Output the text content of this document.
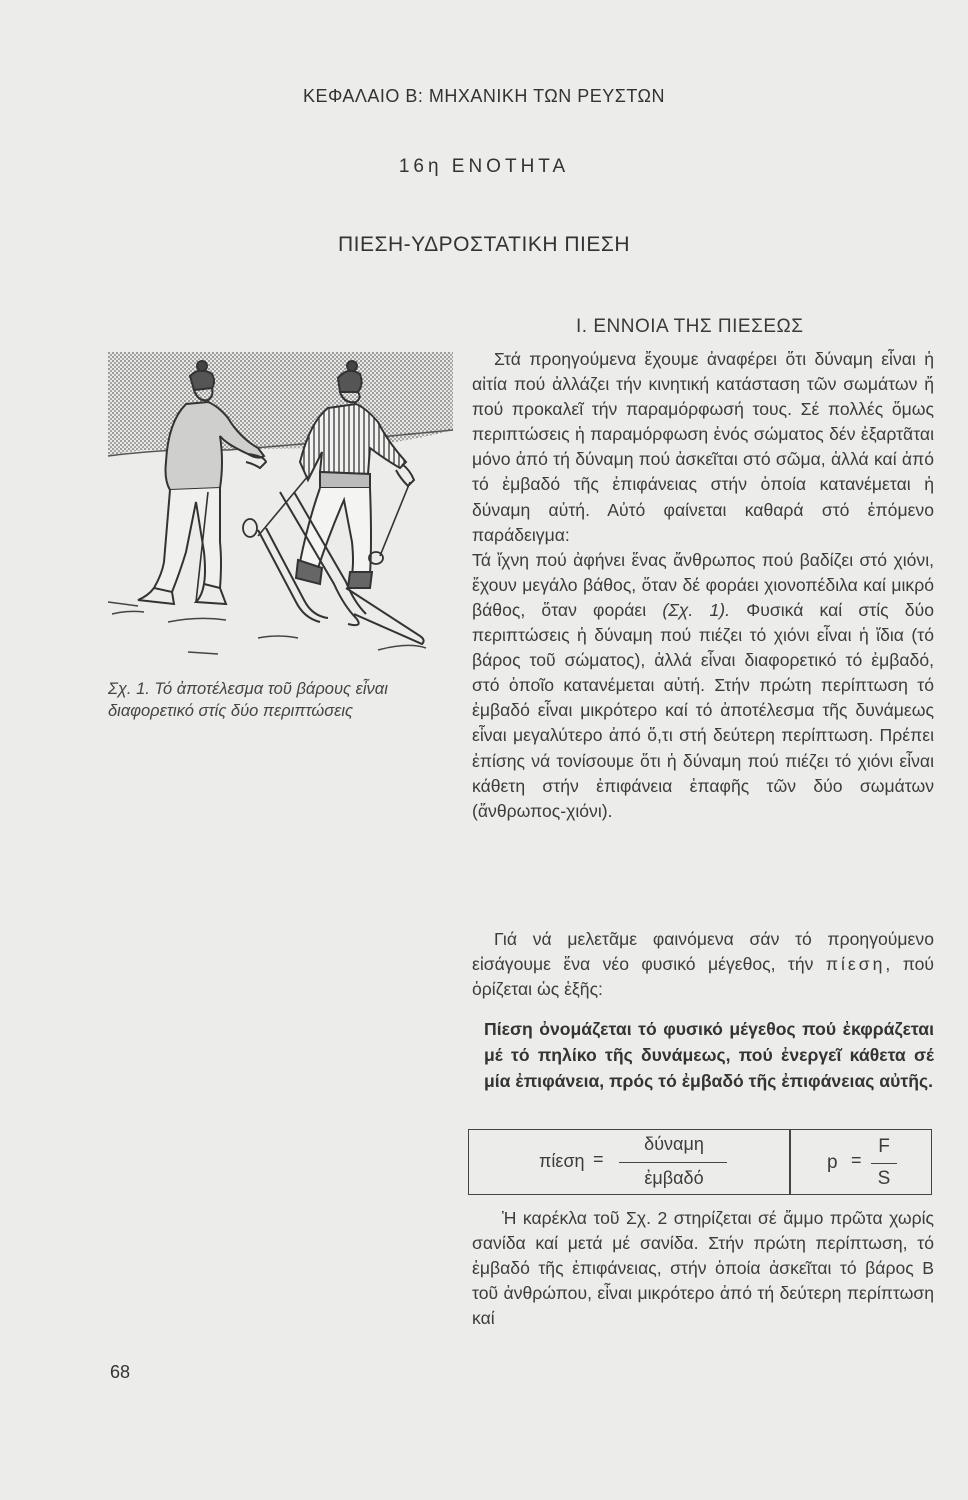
ΚΕΦΑΛΑΙΟ Β: ΜΗΧΑΝΙΚΗ ΤΩΝ ΡΕΥΣΤΩΝ
16η ΕΝΟΤΗΤΑ
ΠΙΕΣΗ-ΥΔΡΟΣΤΑΤΙΚΗ ΠΙΕΣΗ
Ι. ΕΝΝΟΙΑ ΤΗΣ ΠΙΕΣΕΩΣ
Σχ. 1. Τό ἀποτέλεσμα τοῦ βάρους εἶναι διαφορετικό στίς δύο περιπτώσεις
Στά προηγούμενα ἔχουμε ἀναφέρει ὅτι δύναμη εἶναι ἡ αἰτία πού ἀλλάζει τήν κινητική κατάσταση τῶν σωμάτων ἤ πού προκαλεῖ τήν παραμόρφωσή τους. Σέ πολλές ὅμως περιπτώσεις ἡ παραμόρφωση ἑνός σώματος δέν ἐξαρτᾶται μόνο ἀπό τή δύναμη πού ἀσκεῖται στό σῶμα, ἀλλά καί ἀπό τό ἐμβαδό τῆς ἐπιφάνειας στήν ὁποία κατανέμεται ἡ δύναμη αὐτή. Αὐτό φαίνεται καθαρά στό ἑπόμενο παράδειγμα:
Τά ἴχνη πού ἀφήνει ἕνας ἄνθρωπος πού βαδίζει στό χιόνι, ἔχουν μεγάλο βάθος, ὅταν δέ φοράει χιονοπέδιλα καί μικρό βάθος, ὅταν φοράει (Σχ. 1). Φυσικά καί στίς δύο περιπτώσεις ἡ δύναμη πού πιέζει τό χιόνι εἶναι ἡ ἴδια (τό βάρος τοῦ σώματος), ἀλλά εἶναι διαφορετικό τό ἐμβαδό, στό ὁποῖο κατανέμεται αὐτή. Στήν πρώτη περίπτωση τό ἐμβαδό εἶναι μικρότερο καί τό ἀποτέλεσμα τῆς δυνάμεως εἶναι μεγαλύτερο ἀπό ὅ,τι στή δεύτερη περίπτωση. Πρέπει ἐπίσης νά τονίσουμε ὅτι ἡ δύναμη πού πιέζει τό χιόνι εἶναι κάθετη στήν ἐπιφάνεια ἐπαφῆς τῶν δύο σωμάτων (ἄνθρωπος-χιόνι).
Γιά νά μελετᾶμε φαινόμενα σάν τό προηγούμενο εἰσάγουμε ἕνα νέο φυσικό μέγεθος, τήν πίεση, πού ὁρίζεται ὡς ἑξῆς:
Πίεση ὀνομάζεται τό φυσικό μέγεθος πού ἐκφράζεται μέ τό πηλίκο τῆς δυνάμεως, πού ἐνεργεῖ κάθετα σέ μία ἐπιφάνεια, πρός τό ἐμβαδό τῆς ἐπιφάνειας αὐτῆς.
πίεση =
δύναμη
ἐμβαδό
p =
F
S
Ἡ καρέκλα τοῦ Σχ. 2 στηρίζεται σέ ἄμμο πρῶτα χωρίς σανίδα καί μετά μέ σανίδα. Στήν πρώτη περίπτωση, τό ἐμβαδό τῆς ἐπιφάνειας, στήν ὁποία ἀσκεῖται τό βάρος Β τοῦ ἀνθρώπου, εἶναι μικρότερο ἀπό τή δεύτερη περίπτωση καί
68
